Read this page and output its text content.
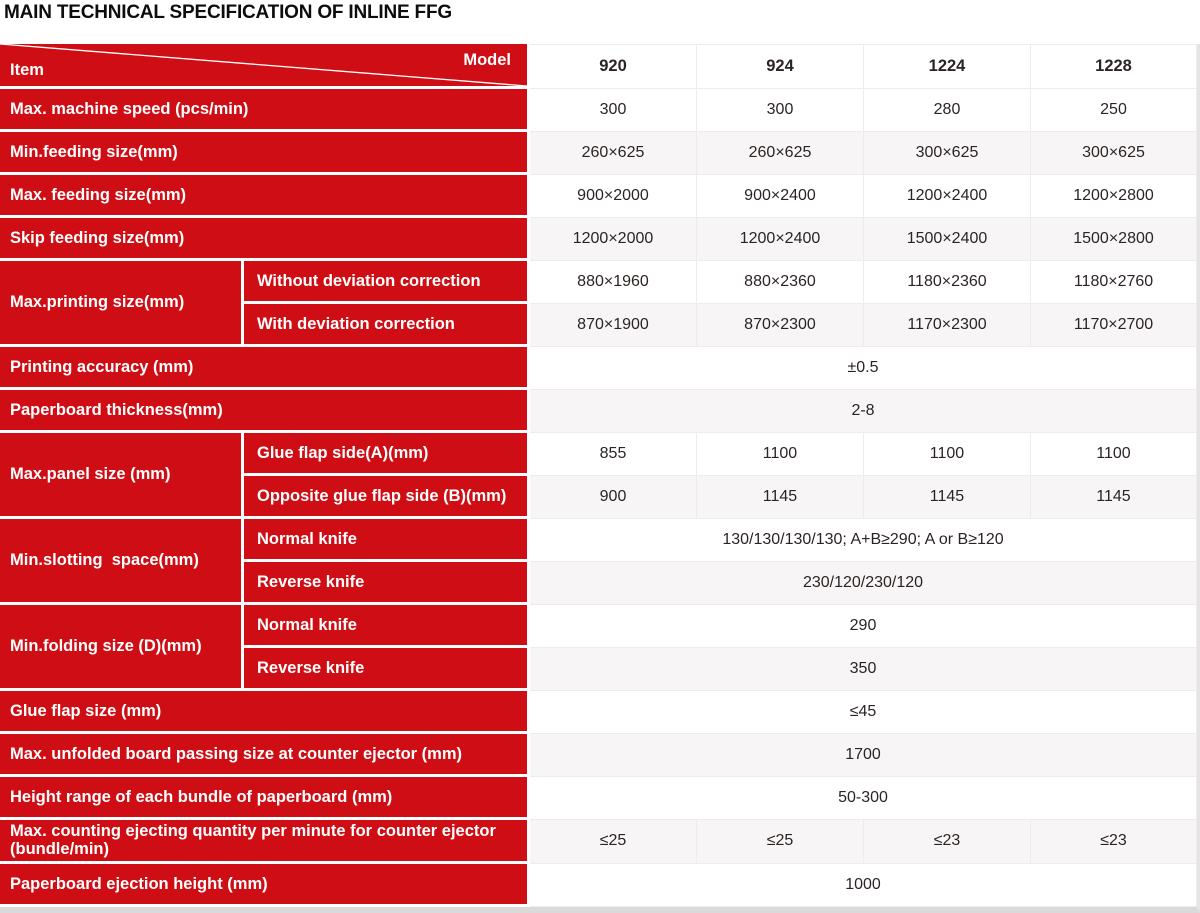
MAIN TECHNICAL SPECIFICATION OF INLINE FFG
Item
Model		920	924	1224	1228
Max. machine speed (pcs/min)		300	300	280	250
Min.feeding size(mm)		260×625	260×625	300×625	300×625
Max. feeding size(mm)		900×2000	900×2400	1200×2400	1200×2800
Skip feeding size(mm)		1200×2000	1200×2400	1500×2400	1500×2800
Max.printing size(mm)	Without deviation correction	880×1960	880×2360	1180×2360	1180×2760
	With deviation correction	870×1900	870×2300	1170×2300	1170×2700
Printing accuracy (mm)		±0.5			
Paperboard thickness(mm)		2-8			
Max.panel size (mm)	Glue flap side(A)(mm)	855	1100	1100	1100
	Opposite glue flap side (B)(mm)	900	1145	1145	1145
Min.slotting  space(mm)	Normal knife	130/130/130/130; A+B≥290; A or B≥120			
	Reverse knife	230/120/230/120			
Min.folding size (D)(mm)	Normal knife	290			
	Reverse knife	350			
Glue flap size (mm)		≤45			
Max. unfolded board passing size at counter ejector (mm)		1700			
Height range of each bundle of paperboard (mm)		50-300			
Max. counting ejecting quantity per minute for counter ejector (bundle/min)		≤25	≤25	≤23	≤23
Paperboard ejection height (mm)		1000			
